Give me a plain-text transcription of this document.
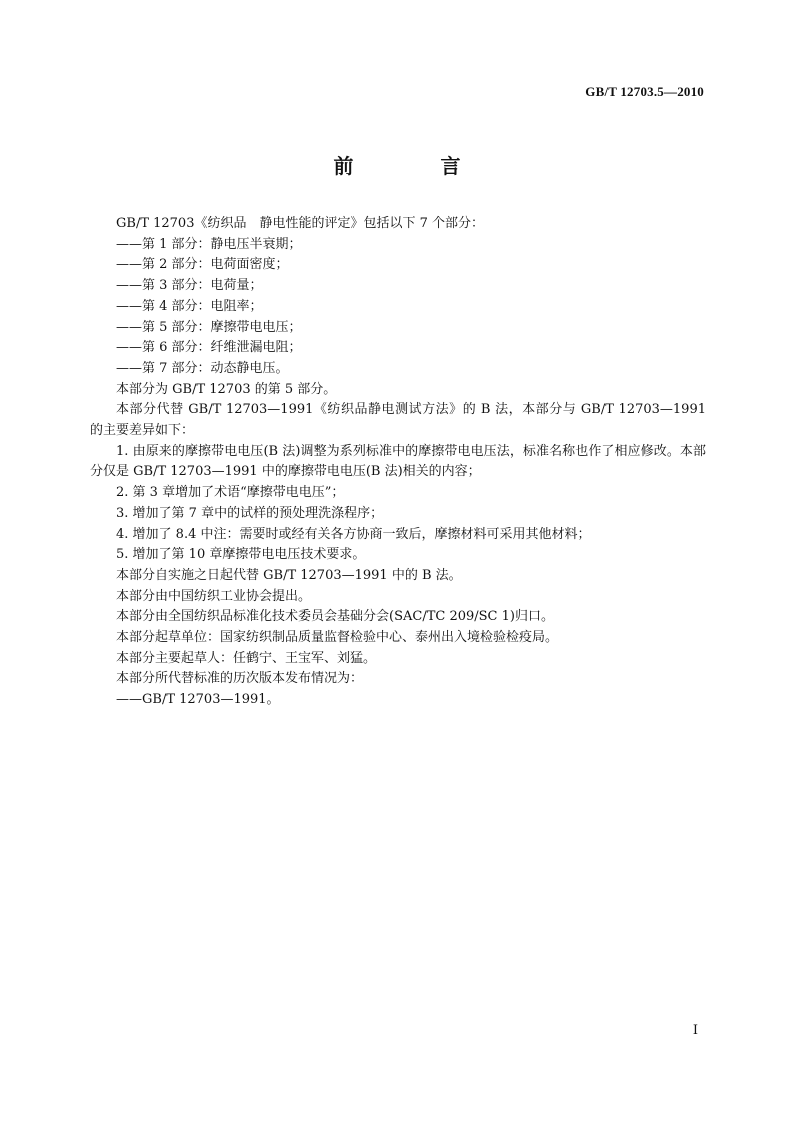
GB/T 12703.5—2010
前 言

GB/T 12703《纺织品　静电性能的评定》包括以下 7 个部分：

——第 1 部分：静电压半衰期；

——第 2 部分：电荷面密度；

——第 3 部分：电荷量；

——第 4 部分：电阻率；

——第 5 部分：摩擦带电电压；

——第 6 部分：纤维泄漏电阻；

——第 7 部分：动态静电压。

本部分为 GB/T 12703 的第 5 部分。

本部分代替 GB/T 12703—1991《纺织品静电测试方法》的 B 法，本部分与 GB/T 12703—1991 的主要差异如下：

1. 由原来的摩擦带电电压(B 法)调整为系列标准中的摩擦带电电压法，标准名称也作了相应修改。本部分仅是 GB/T 12703—1991 中的摩擦带电电压(B 法)相关的内容；

2. 第 3 章增加了术语“摩擦带电电压”；

3. 增加了第 7 章中的试样的预处理洗涤程序；

4. 增加了 8.4 中注：需要时或经有关各方协商一致后，摩擦材料可采用其他材料；

5. 增加了第 10 章摩擦带电电压技术要求。

本部分自实施之日起代替 GB/T 12703—1991 中的 B 法。

本部分由中国纺织工业协会提出。

本部分由全国纺织品标准化技术委员会基础分会(SAC/TC 209/SC 1)归口。

本部分起草单位：国家纺织制品质量监督检验中心、泰州出入境检验检疫局。

本部分主要起草人：任鹤宁、王宝军、刘猛。

本部分所代替标准的历次版本发布情况为：

——GB/T 12703—1991。

I
